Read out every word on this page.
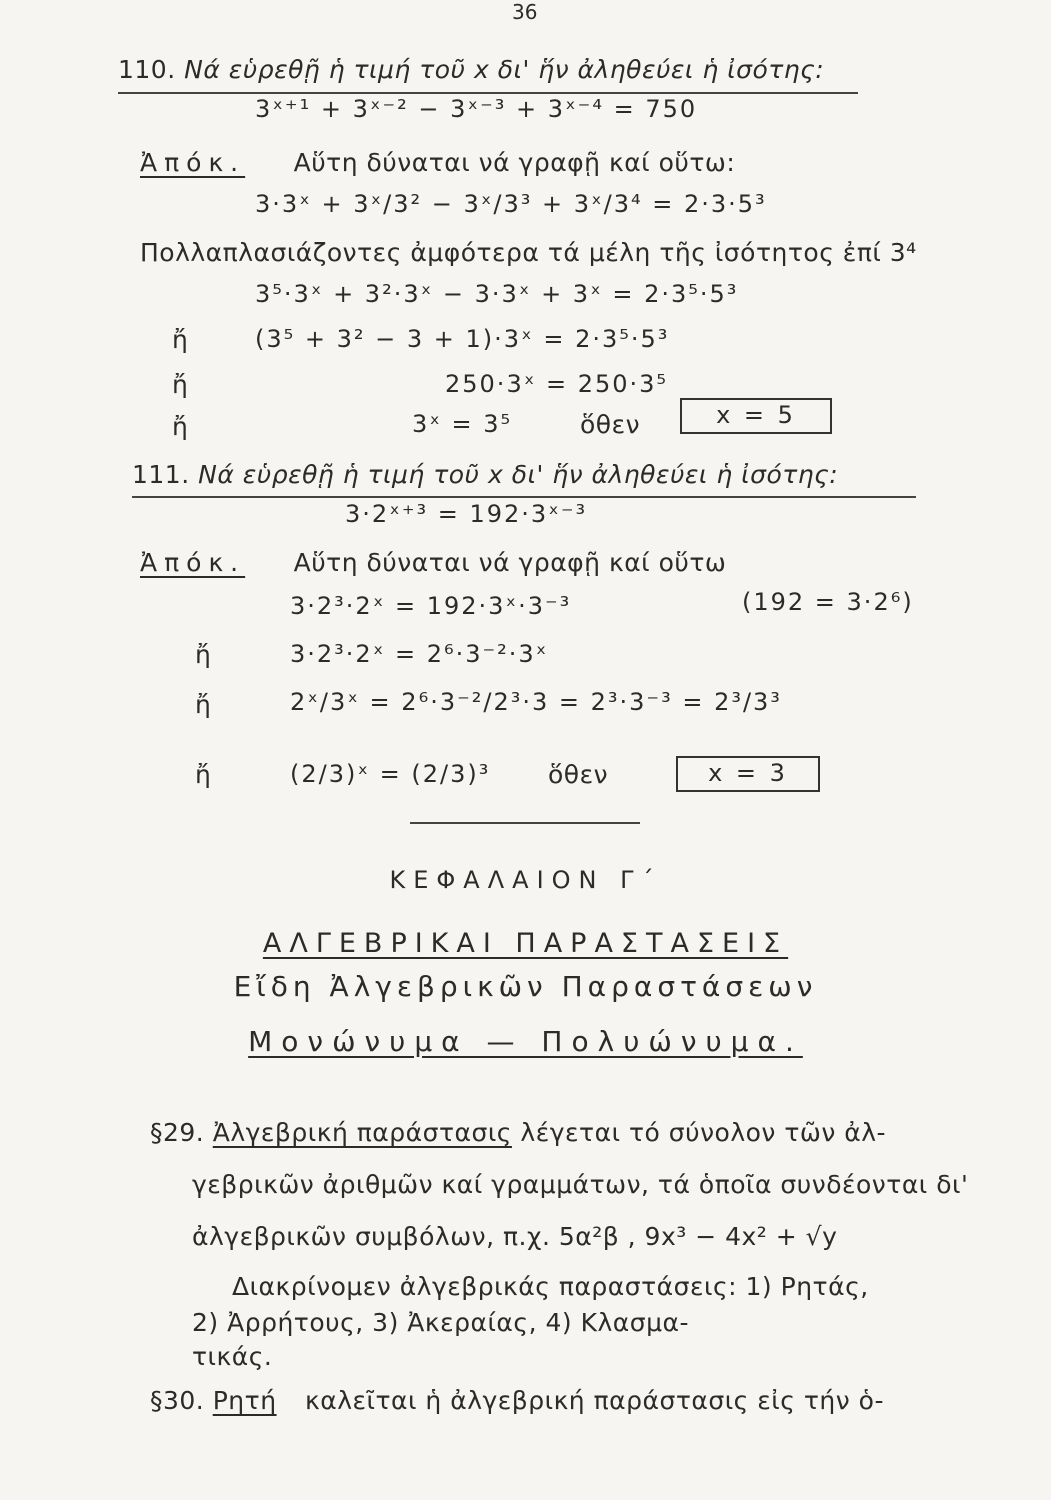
36
110. Νά εὑρεθῇ ἡ τιμή τοῦ x δι' ἥν ἀληθεύει ἡ ἰσότης:
3ˣ⁺¹ + 3ˣ⁻² − 3ˣ⁻³ + 3ˣ⁻⁴ = 750
Ἀπόκ. Αὕτη δύναται νά γραφῇ καί οὕτω:
3·3ˣ + 3ˣ/3² − 3ˣ/3³ + 3ˣ/3⁴ = 2·3·5³
Πολλαπλασιάζοντες ἀμφότερα τά μέλη τῆς ἰσότητος ἐπί 3⁴
3⁵·3ˣ + 3²·3ˣ − 3·3ˣ + 3ˣ = 2·3⁵·5³
ἤ	(3⁵ + 3² − 3 + 1)·3ˣ = 2·3⁵·5³
ἤ	250·3ˣ = 250·3⁵
ἤ	3ˣ = 3⁵	ὅθεν	x = 5
111. Νά εὑρεθῇ ἡ τιμή τοῦ x δι' ἥν ἀληθεύει ἡ ἰσότης:
3·2ˣ⁺³ = 192·3ˣ⁻³
Ἀπόκ. Αὕτη δύναται νά γραφῇ καί οὕτω
3·2³·2ˣ = 192·3ˣ·3⁻³	(192 = 3·2⁶)
ἤ	3·2³·2ˣ = 2⁶·3⁻²·3ˣ
ἤ	2ˣ/3ˣ = 2⁶·3⁻²/2³·3 = 2³·3⁻³ = 2³/3³
ἤ	(2/3)ˣ = (2/3)³ ὅθεν	x = 3
ΚΕΦΑΛΑΙΟΝ Γ΄
ΑΛΓΕΒΡΙΚΑΙ ΠΑΡΑΣΤΑΣΕΙΣ
Εἴδη Ἀλγεβρικῶν Παραστάσεων
Μονώνυμα — Πολυώνυμα.
§29. Ἀλγεβρική παράστασις λέγεται τό σύνολον τῶν ἀλ-
γεβρικῶν ἀριθμῶν καί γραμμάτων, τά ὁποῖα συνδέονται δι'
ἀλγεβρικῶν συμβόλων, π.χ. 5α²β , 9x³ − 4x² + √y
Διακρίνομεν ἀλγεβρικάς παραστάσεις: 1) Ρητάς,
2) Ἀρρήτους, 3) Ἀκεραίας, 4) Κλασμα-
τικάς.
§30. Ρητή καλεῖται ἡ ἀλγεβρική παράστασις εἰς τήν ὁ-
